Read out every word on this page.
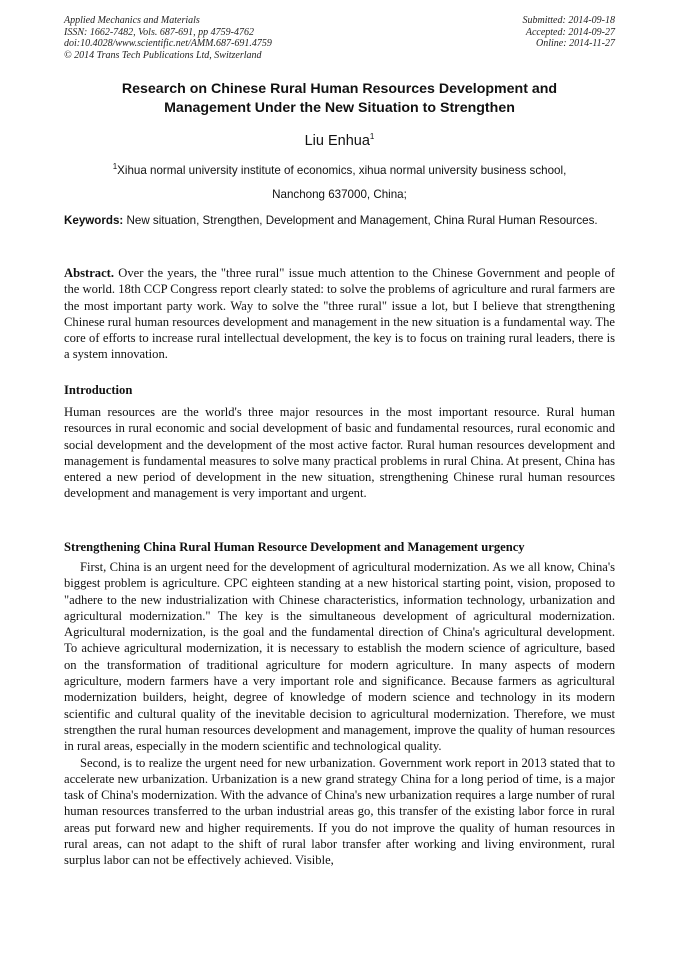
Applied Mechanics and Materials
ISSN: 1662-7482, Vols. 687-691, pp 4759-4762
doi:10.4028/www.scientific.net/AMM.687-691.4759
© 2014 Trans Tech Publications Ltd, Switzerland
Submitted: 2014-09-18
Accepted: 2014-09-27
Online: 2014-11-27
Research on Chinese Rural Human Resources Development and
Management Under the New Situation to Strengthen
Liu Enhua$^1$
$^1$Xihua normal university institute of economics, xihua normal university business school,
Nanchong 637000, China;
Keywords: New situation, Strengthen, Development and Management, China Rural Human Resources.
Abstract. Over the years, the "three rural" issue much attention to the Chinese Government and people of the world. 18th CCP Congress report clearly stated: to solve the problems of agriculture and rural farmers are the most important party work. Way to solve the "three rural" issue a lot, but I believe that strengthening Chinese rural human resources development and management in the new situation is a fundamental way. The core of efforts to increase rural intellectual development, the key is to focus on training rural leaders, there is a system innovation.
Introduction
Human resources are the world's three major resources in the most important resource. Rural human resources in rural economic and social development of basic and fundamental resources, rural economic and social development and the development of the most active factor. Rural human resources development and management is fundamental measures to solve many practical problems in rural China. At present, China has entered a new period of development in the new situation, strengthening Chinese rural human resources development and management is very important and urgent.
Strengthening China Rural Human Resource Development and Management urgency

First, China is an urgent need for the development of agricultural modernization. As we all know, China's biggest problem is agriculture. CPC eighteen standing at a new historical starting point, vision, proposed to "adhere to the new industrialization with Chinese characteristics, information technology, urbanization and agricultural modernization." The key is the simultaneous development of agricultural modernization. Agricultural modernization, is the goal and the fundamental direction of China's agricultural development. To achieve agricultural modernization, it is necessary to establish the modern science of agriculture, based on the transformation of traditional agriculture for modern agriculture. In many aspects of modern agriculture, modern farmers have a very important role and significance. Because farmers as agricultural modernization builders, height, degree of knowledge of modern science and technology in its modern scientific and cultural quality of the inevitable decision to agricultural modernization. Therefore, we must strengthen the rural human resources development and management, improve the quality of human resources in rural areas, especially in the modern scientific and technological quality.

Second, is to realize the urgent need for new urbanization. Government work report in 2013 stated that to accelerate new urbanization. Urbanization is a new grand strategy China for a long period of time, is a major task of China's modernization. With the advance of China's new urbanization requires a large number of rural human resources transferred to the urban industrial areas go, this transfer of the existing labor force in rural areas put forward new and higher requirements. If you do not improve the quality of human resources in rural areas, can not adapt to the shift of rural labor transfer after working and living environment, rural surplus labor can not be effectively achieved. Visible,
